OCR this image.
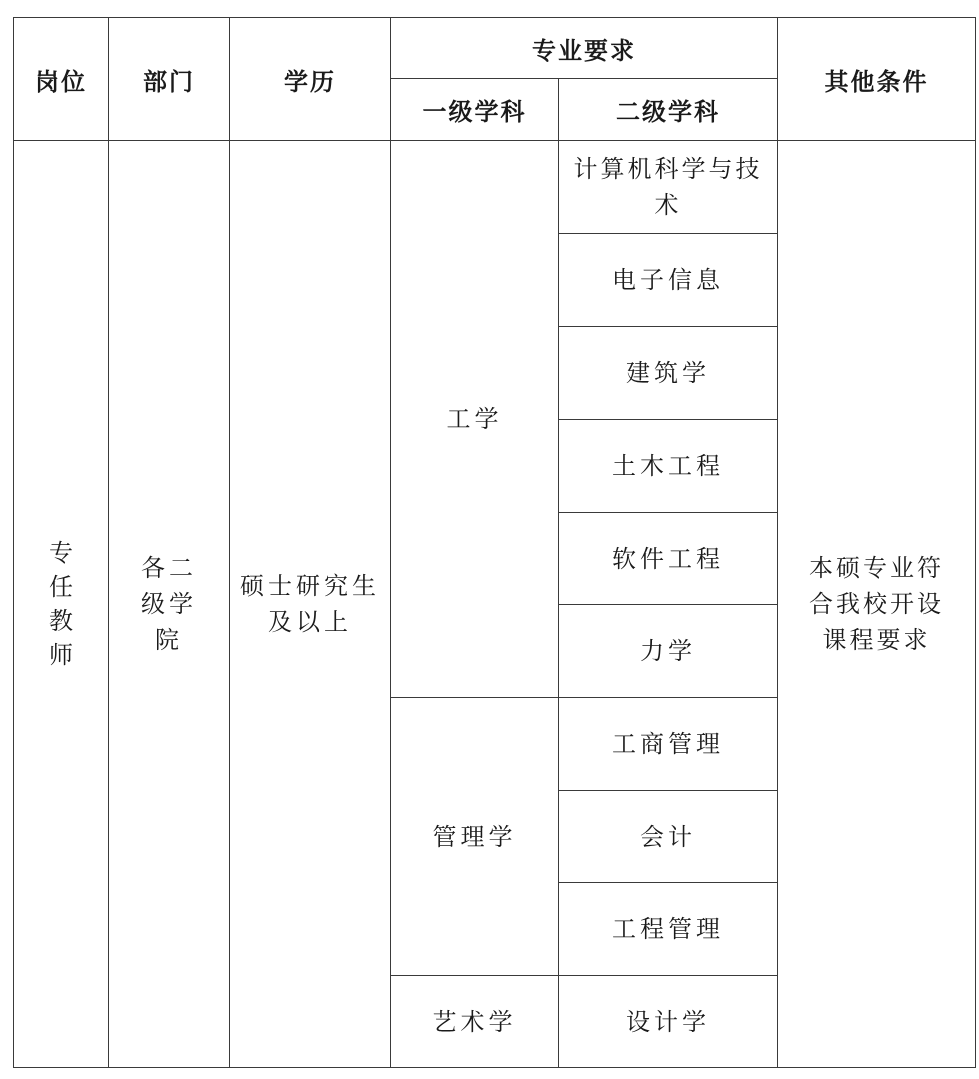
岗位	部门	学历	专业要求		其他条件
			一级学科	二级学科	
专任教师	各二级学院	硕士研究生及以上	工学	计算机科学与技术	本硕专业符合我校开设课程要求
				电子信息	
				建筑学	
				土木工程	
				软件工程	
				力学	
			管理学	工商管理	
				会计	
				工程管理	
			艺术学	设计学	
